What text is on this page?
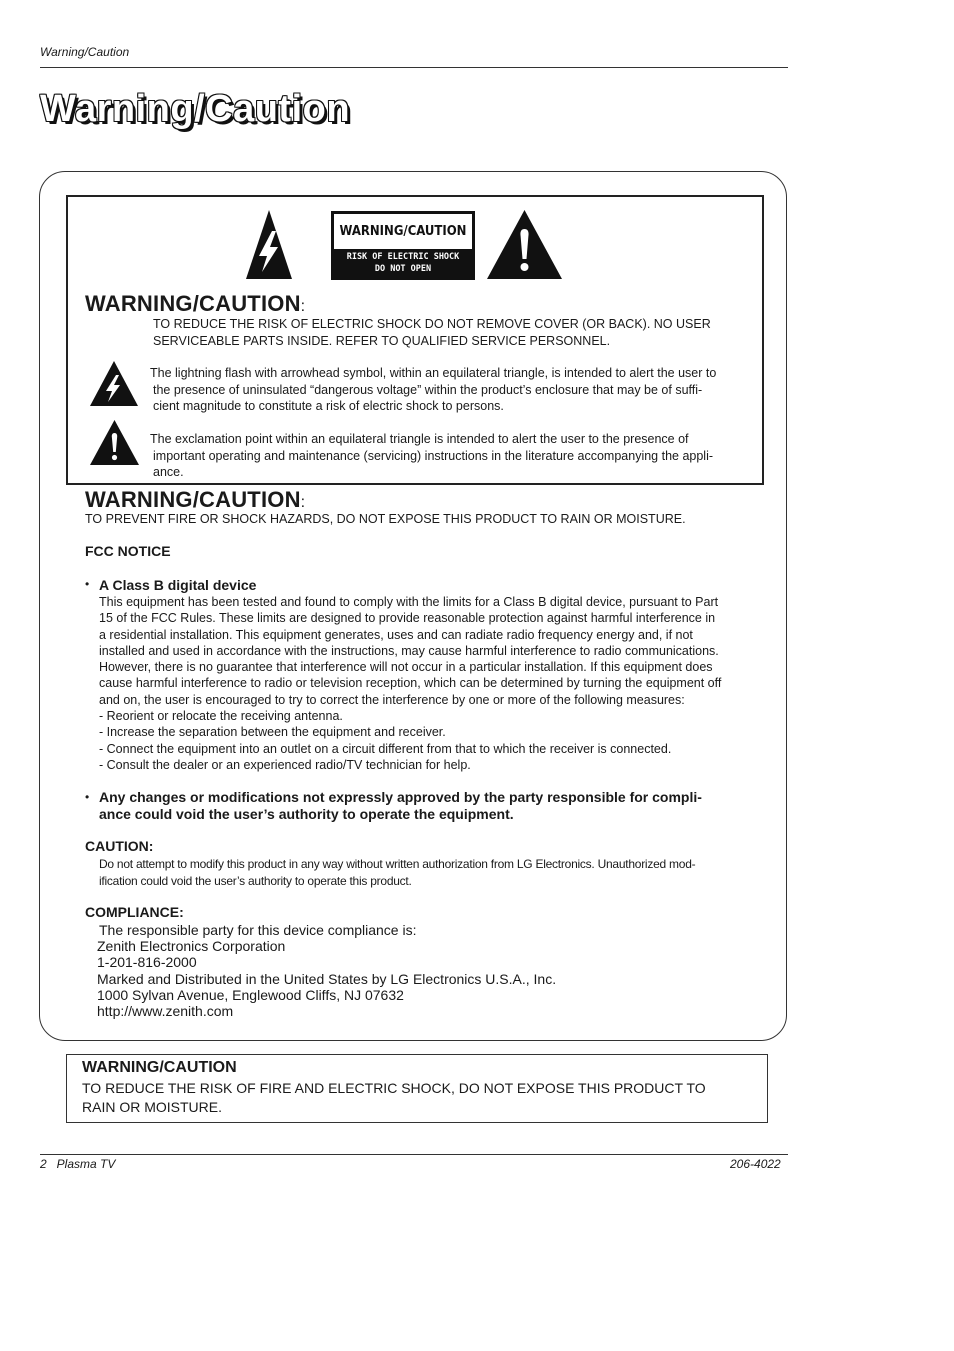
Warning/Caution
Warning/Caution
WARNING/CAUTION
RISK OF ELECTRIC SHOCK
DO NOT OPEN
WARNING/CAUTION:
TO REDUCE THE RISK OF ELECTRIC SHOCK DO NOT REMOVE COVER (OR BACK). NO USER
SERVICEABLE PARTS INSIDE. REFER TO QUALIFIED SERVICE PERSONNEL.
The lightning flash with arrowhead symbol, within an equilateral triangle, is intended to alert the user to
the presence of uninsulated “dangerous voltage” within the product’s enclosure that may be of suffi-
cient magnitude to constitute a risk of electric shock to persons.
The exclamation point within an equilateral triangle is intended to alert the user to the presence of
important operating and maintenance (servicing) instructions in the literature accompanying the appli-
ance.
WARNING/CAUTION:
TO PREVENT FIRE OR SHOCK HAZARDS, DO NOT EXPOSE THIS PRODUCT TO RAIN OR MOISTURE.
FCC NOTICE
• A Class B digital device
This equipment has been tested and found to comply with the limits for a Class B digital device, pursuant to Part
15 of the FCC Rules. These limits are designed to provide reasonable protection against harmful interference in
a residential installation. This equipment generates, uses and can radiate radio frequency energy and, if not
installed and used in accordance with the instructions, may cause harmful interference to radio communications.
However, there is no guarantee that interference will not occur in a particular installation. If this equipment does
cause harmful interference to radio or television reception, which can be determined by turning the equipment off
and on, the user is encouraged to try to correct the interference by one or more of the following measures:
- Reorient or relocate the receiving antenna.
- Increase the separation between the equipment and receiver.
- Connect the equipment into an outlet on a circuit different from that to which the receiver is connected.
- Consult the dealer or an experienced radio/TV technician for help.
• Any changes or modifications not expressly approved by the party responsible for compli-
ance could void the user’s authority to operate the equipment.
CAUTION:
Do not attempt to modify this product in any way without written authorization from LG Electronics. Unauthorized mod-
ification could void the user’s authority to operate this product.
COMPLIANCE:
The responsible party for this device compliance is:
Zenith Electronics Corporation
1-201-816-2000
Marked and Distributed in the United States by LG Electronics U.S.A., Inc.
1000 Sylvan Avenue, Englewood Cliffs, NJ 07632
http://www.zenith.com
WARNING/CAUTION
TO REDUCE THE RISK OF FIRE AND ELECTRIC SHOCK, DO NOT EXPOSE THIS PRODUCT TO
RAIN OR MOISTURE.
2   Plasma TV	206-4022
